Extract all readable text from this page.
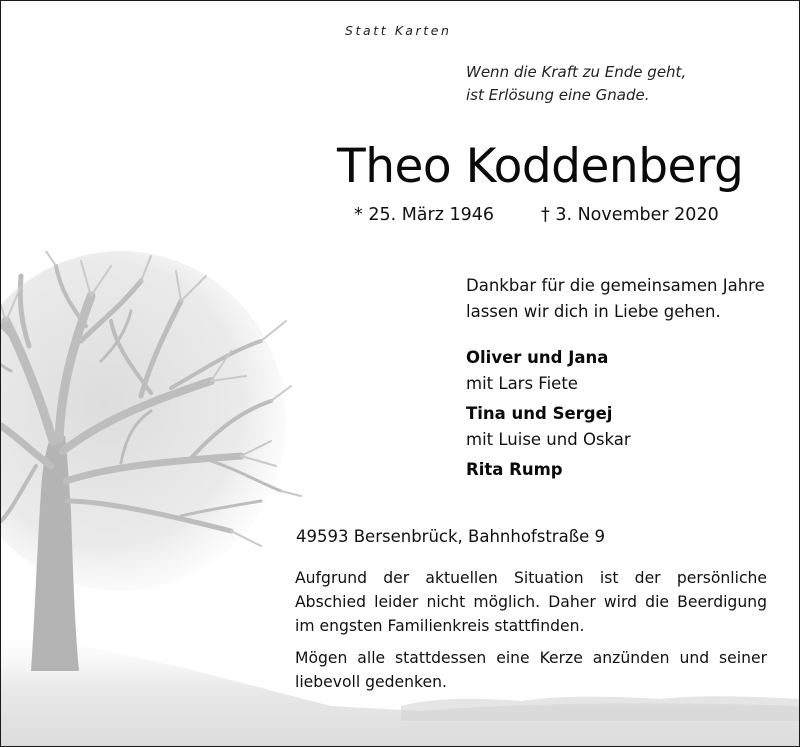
Statt Karten
Wenn die Kraft zu Ende geht,
ist Erlösung eine Gnade.
Theo Koddenberg
* 25. März 1946	† 3. November 2020
Dankbar für die gemeinsamen Jahre
lassen wir dich in Liebe gehen.
Oliver und Jana
mit Lars Fiete
Tina und Sergej
mit Luise und Oskar
Rita Rump
49593 Bersenbrück, Bahnhofstraße 9
Aufgrund der aktuellen Situation ist der persönliche Abschied leider nicht möglich. Daher wird die Beerdigung im engsten Familienkreis stattfinden.
Mögen alle stattdessen eine Kerze anzünden und seiner liebevoll gedenken.
